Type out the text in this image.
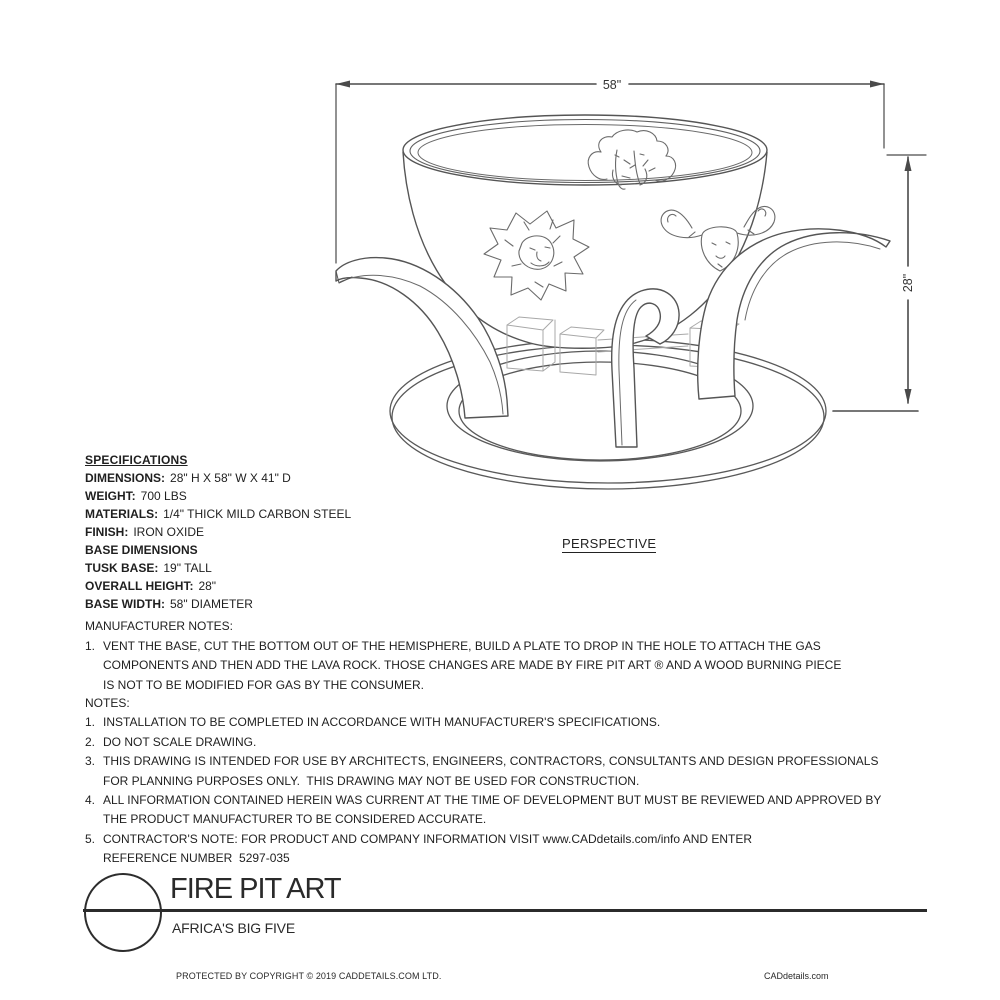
58"
28"
PERSPECTIVE
SPECIFICATIONS
DIMENSIONS: 28" H X 58" W X 41" D
WEIGHT: 700 LBS
MATERIALS: 1/4" THICK MILD CARBON STEEL
FINISH: IRON OXIDE
BASE DIMENSIONS
TUSK BASE: 19" TALL
OVERALL HEIGHT: 28"
BASE WIDTH: 58" DIAMETER
MANUFACTURER NOTES:
1. VENT THE BASE, CUT THE BOTTOM OUT OF THE HEMISPHERE, BUILD A PLATE TO DROP IN THE HOLE TO ATTACH THE GAS
COMPONENTS AND THEN ADD THE LAVA ROCK. THOSE CHANGES ARE MADE BY FIRE PIT ART ® AND A WOOD BURNING PIECE
IS NOT TO BE MODIFIED FOR GAS BY THE CONSUMER.
NOTES:
1. INSTALLATION TO BE COMPLETED IN ACCORDANCE WITH MANUFACTURER'S SPECIFICATIONS.
2. DO NOT SCALE DRAWING.
3. THIS DRAWING IS INTENDED FOR USE BY ARCHITECTS, ENGINEERS, CONTRACTORS, CONSULTANTS AND DESIGN PROFESSIONALS
FOR PLANNING PURPOSES ONLY.  THIS DRAWING MAY NOT BE USED FOR CONSTRUCTION.
4. ALL INFORMATION CONTAINED HEREIN WAS CURRENT AT THE TIME OF DEVELOPMENT BUT MUST BE REVIEWED AND APPROVED BY
THE PRODUCT MANUFACTURER TO BE CONSIDERED ACCURATE.
5. CONTRACTOR'S NOTE: FOR PRODUCT AND COMPANY INFORMATION VISIT www.CADdetails.com/info AND ENTER
REFERENCE NUMBER  5297-035
FIRE PIT ART
AFRICA'S BIG FIVE
PROTECTED BY COPYRIGHT © 2019 CADDETAILS.COM LTD.	CADdetails.com
